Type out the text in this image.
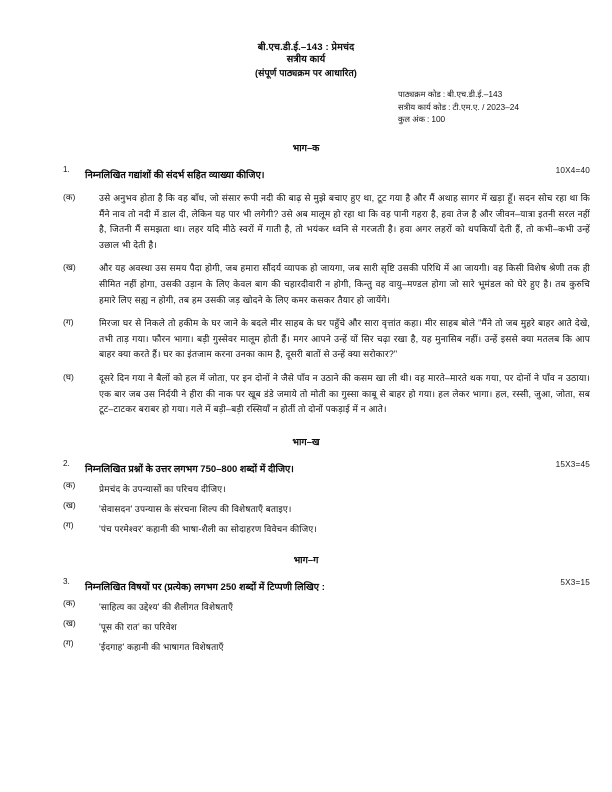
बी.एच.डी.ई.–143 : प्रेमचंद
सत्रीय कार्य
(संपूर्ण पाठ्यक्रम पर आधारित)
पाठ्यक्रम कोड : बी.एच.डी.ई.–143
सत्रीय कार्य कोड : टी.एम.ए. / 2023–24
कुल अंक : 100
भाग–क
1.
निम्नलिखित गद्यांशों की संदर्भ सहित व्याख्या कीजिए।	10X4=40
(क)	उसे अनुभव होता है कि वह बाँध, जो संसार रूपी नदी की बाढ़ से मुझे बचाए हुए था, टूट गया है और मैं अथाह सागर में खड़ा हूँ। सदन सोच रहा था कि मैंने नाव तो नदी में डाल दी, लेकिन यह पार भी लगेगी? उसे अब मालूम हो रहा था कि वह पानी गहरा है, हवा तेज है और जीवन–यात्रा इतनी सरल नहीं है, जितनी मैं समझता था। लहर यदि मीठे स्वरों में गाती है, तो भयंकर ध्वनि से गरजती है। हवा अगर लहरों को थपकियाँ देती हैं, तो कभी–कभी उन्हें उछाल भी देती है।
(ख)	और यह अवस्था उस समय पैदा होगी, जब हमारा सौंदर्य व्यापक हो जायगा, जब सारी सृष्टि उसकी परिधि में आ जायगी। वह किसी विशेष श्रेणी तक ही सीमित नहीं होगा, उसकी उड़ान के लिए केवल बाग की चहारदीवारी न होगी, किन्तु वह वायु–मण्डल होगा जो सारे भूमंडल को घेरे हुए है। तब कुरुचि हमारे लिए सह्य न होगी, तब हम उसकी जड़ खोदने के लिए कमर कसकर तैयार हो जायेंगे।
(ग)	मिरजा घर से निकले तो हकीम के घर जाने के बदले मीर साहब के घर पहुँचे और सारा वृत्तांत कहा। मीर साहब बोले "मैंने तो जब मुहरे बाहर आते देखे, तभी ताड़ गया। फौरन भागा। बड़ी गुस्सेवर मालूम होती हैं। मगर आपने उन्हें यों सिर चढ़ा रखा है, यह मुनासिब नहीं। उन्हें इससे क्या मतलब कि आप बाहर क्या करते हैं। घर का इंतजाम करना उनका काम है, दूसरी बातों से उन्हें क्या सरोकार?"
(घ)	दूसरे दिन गया ने बैलों को हल में जोता, पर इन दोनों ने जैसे पाँव न उठाने की कसम खा ली थी। वह मारते–मारते थक गया, पर दोनों ने पाँव न उठाया। एक बार जब उस निर्दयी ने हीरा की नाक पर खूब डंडे जमाये तो मोती का गुस्सा काबू से बाहर हो गया। हल लेकर भागा। हल, रस्सी, जुआ, जोता, सब टूट–टाटकर बराबर हो गया। गले में बड़ी–बड़ी रस्सियाँ न होतीं तो दोनों पकड़ाई में न आते।
भाग–ख
2.
निम्नलिखित प्रश्नों के उत्तर लगभग 750–800 शब्दों में दीजिए।	15X3=45
(क)	प्रेमचंद के उपन्यासों का परिचय दीजिए।
(ख)	'सेवासदन' उपन्यास के संरचना शिल्प की विशेषताएँ बताइए।
(ग)	'पंच परमेश्वर' कहानी की भाषा-शैली का सोदाहरण विवेचन कीजिए।
भाग–ग
3.
निम्नलिखित विषयों पर (प्रत्येक) लगभग 250 शब्दों में टिप्पणी लिखिए :	5X3=15
(क)	'साहित्य का उद्देश्य' की शैलीगत विशेषताएँ
(ख)	'पूस की रात' का परिवेश
(ग)	'ईदगाह' कहानी की भाषागत विशेषताएँ
